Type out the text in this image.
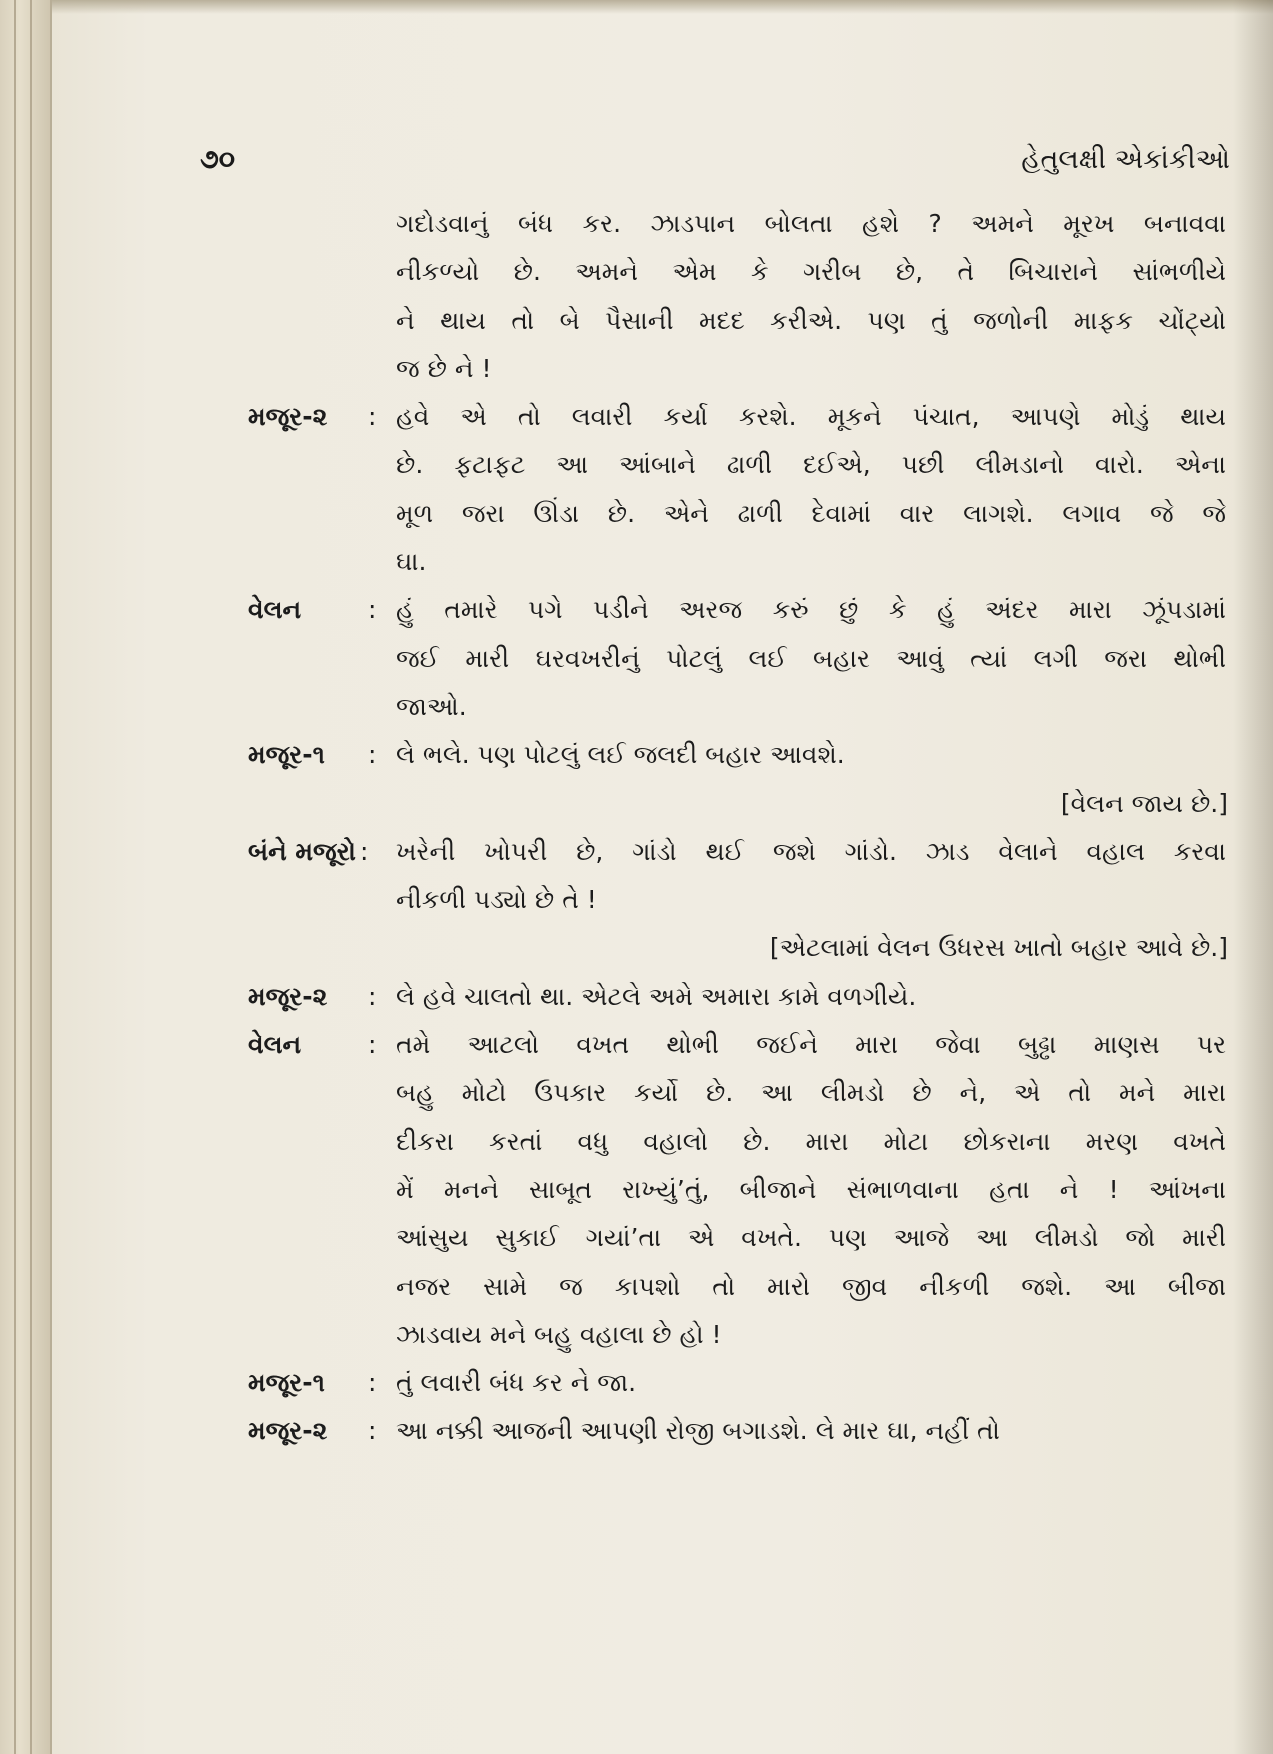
૭૦	હેતુલક્ષી એકાંકીઓ
ગદોડવાનું બંધ કર. ઝાડપાન બોલતા હશે ? અમને મૂરખ બનાવવા
નીકળ્યો છે. અમને એમ કે ગરીબ છે, તે બિચારાને સાંભળીયે
ને થાય તો બે પૈસાની મદદ કરીએ. પણ તું જળોની માફક ચોંટ્યો
જ છે ને !
મજૂર-૨	: હવે એ તો લવારી કર્યા કરશે. મૂકને પંચાત, આપણે મોડું થાય
છે. ફટાફટ આ આંબાને ઢાળી દઈએ, પછી લીમડાનો વારો. એના
મૂળ જરા ઊંડા છે. એને ઢાળી દેવામાં વાર લાગશે. લગાવ જે જે
ઘા.
વેલન	: હું તમારે પગે પડીને અરજ કરું છું કે હું અંદર મારા ઝૂંપડામાં
જઈ મારી ઘરવખરીનું પોટલું લઈ બહાર આવું ત્યાં લગી જરા થોભી
જાઓ.
મજૂર-૧	: લે ભલે. પણ પોટલું લઈ જલદી બહાર આવશે.
[વેલન જાય છે.]
બંને મજૂરો : ખરેની ખોપરી છે, ગાંડો થઈ જશે ગાંડો. ઝાડ વેલાને વહાલ કરવા
નીકળી પડ્યો છે તે !
[એટલામાં વેલન ઉધરસ ખાતો બહાર આવે છે.]
મજૂર-૨	: લે હવે ચાલતો થા. એટલે અમે અમારા કામે વળગીયે.
વેલન	: તમે આટલો વખત થોભી જઈને મારા જેવા બુઢ્ઢા માણસ પર
બહુ મોટો ઉપકાર કર્યો છે. આ લીમડો છે ને, એ તો મને મારા
દીકરા કરતાં વધુ વહાલો છે. મારા મોટા છોકરાના મરણ વખતે
મેં મનને સાબૂત રાખ્યું’તું, બીજાને સંભાળવાના હતા ને ! આંખના
આંસુય સુકાઈ ગયાં’તા એ વખતે. પણ આજે આ લીમડો જો મારી
નજર સામે જ કાપશો તો મારો જીવ નીકળી જશે. આ બીજા
ઝાડવાય મને બહુ વહાલા છે હો !
મજૂર-૧	: તું લવારી બંધ કર ને જા.
મજૂર-૨	: આ નક્કી આજની આપણી રોજી બગાડશે. લે માર ઘા, નહીં તો
